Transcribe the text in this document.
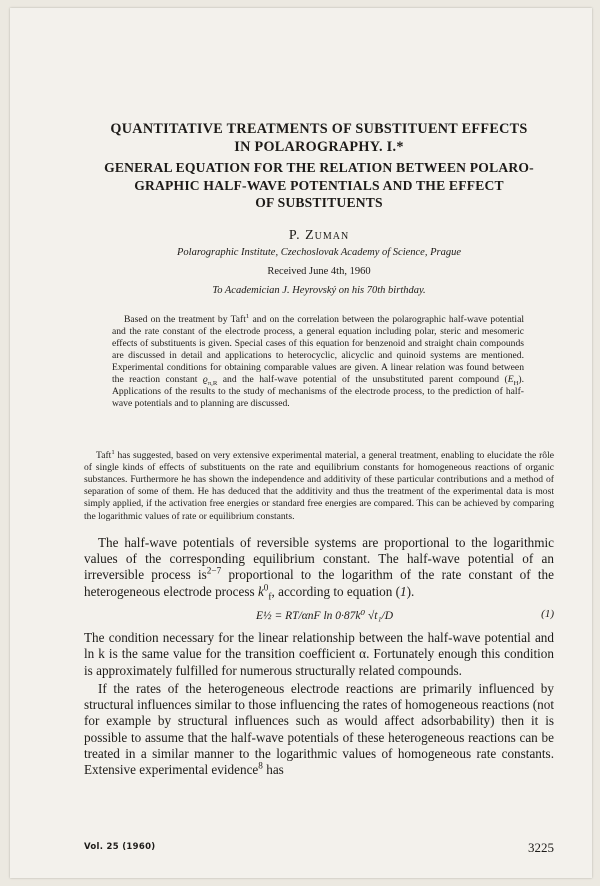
QUANTITATIVE TREATMENTS OF SUBSTITUENT EFFECTS
IN POLAROGRAPHY. I.*

GENERAL EQUATION FOR THE RELATION BETWEEN POLARO-
GRAPHIC HALF-WAVE POTENTIALS AND THE EFFECT
OF SUBSTITUENTS

P. Zuman

Polarographic Institute, Czechoslovak Academy of Science, Prague

Received June 4th, 1960

To Academician J. Heyrovský on his 70th birthday.

Based on the treatment by Taft$^1$ and on the correlation between the polarographic half-wave potential and the rate constant of the electrode process, a general equation including polar, steric and mesomeric effects of substituents is given. Special cases of this equation for benzenoid and straight chain compounds are discussed in detail and applications to heterocyclic, alicyclic and quinoid systems are mentioned. Experimental conditions for obtaining comparable values are given. A linear relation was found between the reaction constant $ϱ_{\pi,R}$ and the half-wave potential of the unsubstituted parent compound $(E_H)$. Applications of the results to the study of mechanisms of the electrode process, to the prediction of half-wave potentials and to planning are discussed.

Taft$^1$ has suggested, based on very extensive experimental material, a general treatment, enabling to elucidate the rôle of single kinds of effects of substituents on the rate and equilibrium constants for homogeneous reactions of organic substances. Furthermore he has shown the independence and additivity of these particular contributions and a method of separation of some of them. He has deduced that the additivity and thus the treatment of the experimental data is most simply applied, if the activation free energies or standard free energies are compared. This can be achieved by comparing the logarithmic values of rate or equilibrium constants.

The half-wave potentials of reversible systems are proportional to the logarithmic values of the corresponding equilibrium constant. The half-wave potential of an irreversible process $is^{2-7}$ proportional to the logarithm of the rate constant of the heterogeneous electrode process $k^0_f$, according to equation (1).

E½ = RT/αnF ln 0·87k⁰ √t₁/D	(1)

The condition necessary for the linear relationship between the half-wave potential and ln k is the same value for the transition coefficient α. Fortunately enough this condition is approximately fulfilled for numerous structurally related compounds.

If the rates of the heterogeneous electrode reactions are primarily influenced by structural influences similar to those influencing the rates of homogeneous reactions (not for example by structural influences such as would affect adsorbability) then it is possible to assume that the half-wave potentials of these heterogeneous reactions can be treated in a similar manner to the logarithmic values of homogeneous rate constants. Extensive experimental evidence$^8$ has

Vol. 25 (1960)	3225
